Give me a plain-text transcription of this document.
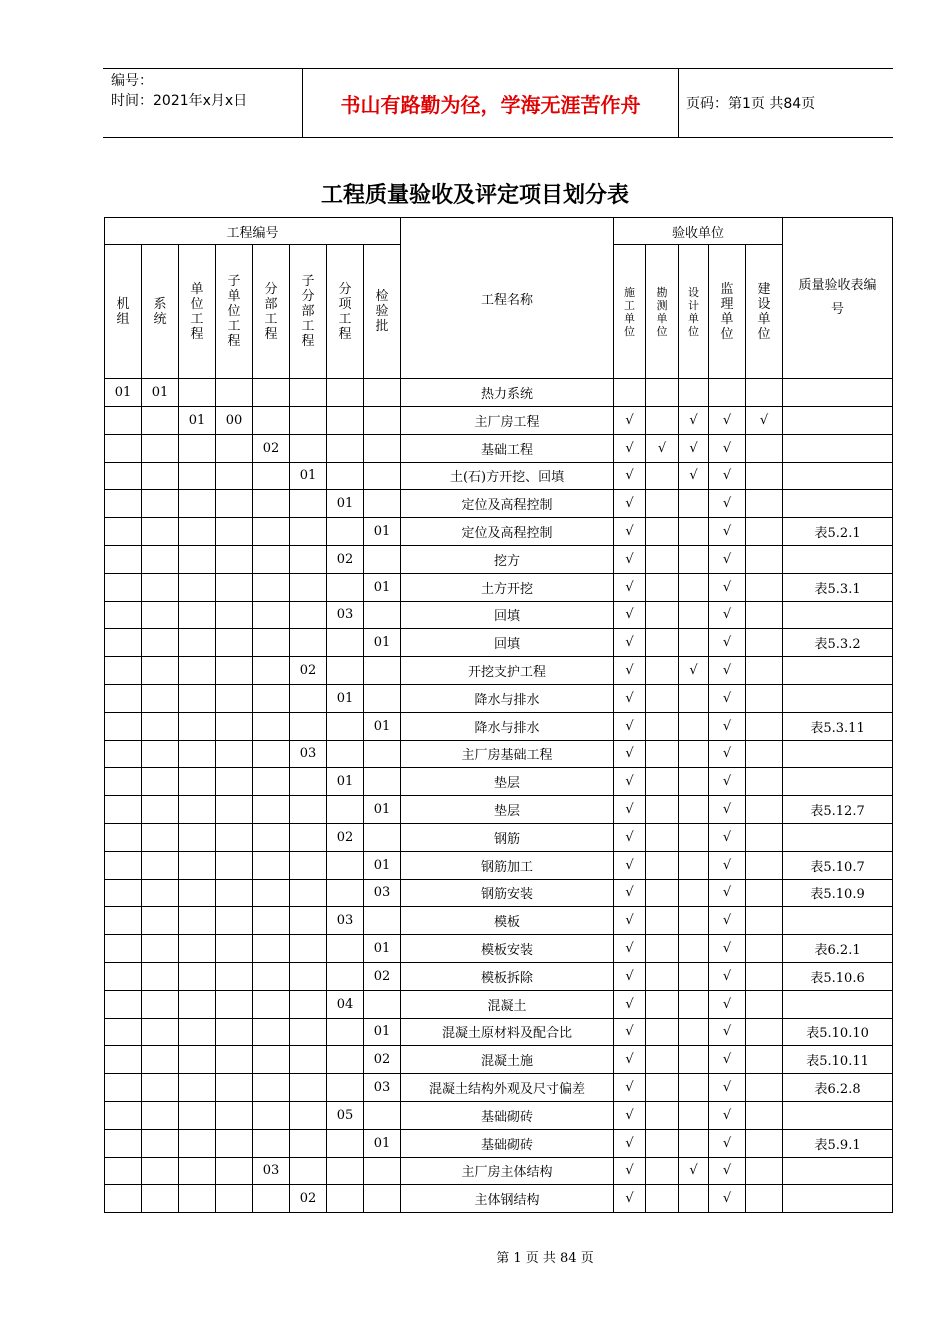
编号：
时间：2021年x月x日	书山有路勤为径，学海无涯苦作舟	页码：第1页 共84页
工程质量验收及评定项目划分表
工程编号								工程名称	验收单位					质量验收表编号

机组	系统	单位工程	子单位工程	分部工程	子分部工程	分项工程	检验批		施工单位	勘测单位	设计单位	监理单位	建设单位	

01	01							热力系统						
		01	00					主厂房工程	√		√	√	√	
				02				基础工程	√	√	√	√		
					01			土(石)方开挖、回填	√		√	√		
						01		定位及高程控制	√			√		
							01	定位及高程控制	√			√		表5.2.1
						02		挖方	√			√		
							01	土方开挖	√			√		表5.3.1
						03		回填	√			√		
							01	回填	√			√		表5.3.2
					02			开挖支护工程	√		√	√		
						01		降水与排水	√			√		
							01	降水与排水	√			√		表5.3.11
					03			主厂房基础工程	√			√		
						01		垫层	√			√		
							01	垫层	√			√		表5.12.7
						02		钢筋	√			√		
							01	钢筋加工	√			√		表5.10.7
							03	钢筋安装	√			√		表5.10.9
						03		模板	√			√		
							01	模板安装	√			√		表6.2.1
							02	模板拆除	√			√		表5.10.6
						04		混凝土	√			√		
							01	混凝土原材料及配合比	√			√		表5.10.10
							02	混凝土施	√			√		表5.10.11
							03	混凝土结构外观及尺寸偏差	√			√		表6.2.8
						05		基础砌砖	√			√		
							01	基础砌砖	√			√		表5.9.1
				03				主厂房主体结构	√		√	√		
					02			主体钢结构	√			√		
第 1 页 共 84 页
